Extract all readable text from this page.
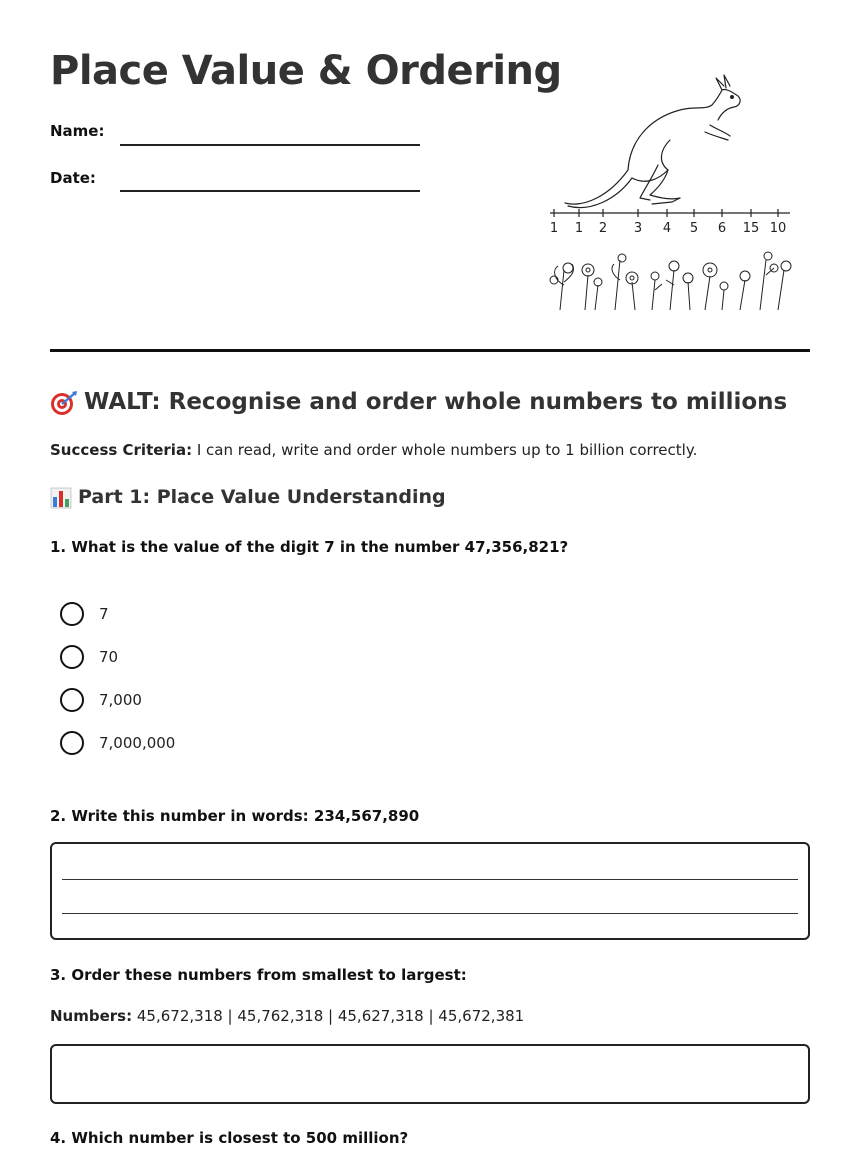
Place Value & Ordering
Name:
Date:
1 1 2 3 4 5 6 15 10
WALT: Recognise and order whole numbers to millions
Success Criteria: I can read, write and order whole numbers up to 1 billion correctly.
Part 1: Place Value Understanding
1. What is the value of the digit 7 in the number 47,356,821?
7
70
7,000
7,000,000
2. Write this number in words: 234,567,890
3. Order these numbers from smallest to largest:
Numbers: 45,672,318 | 45,762,318 | 45,627,318 | 45,672,381
4. Which number is closest to 500 million?
